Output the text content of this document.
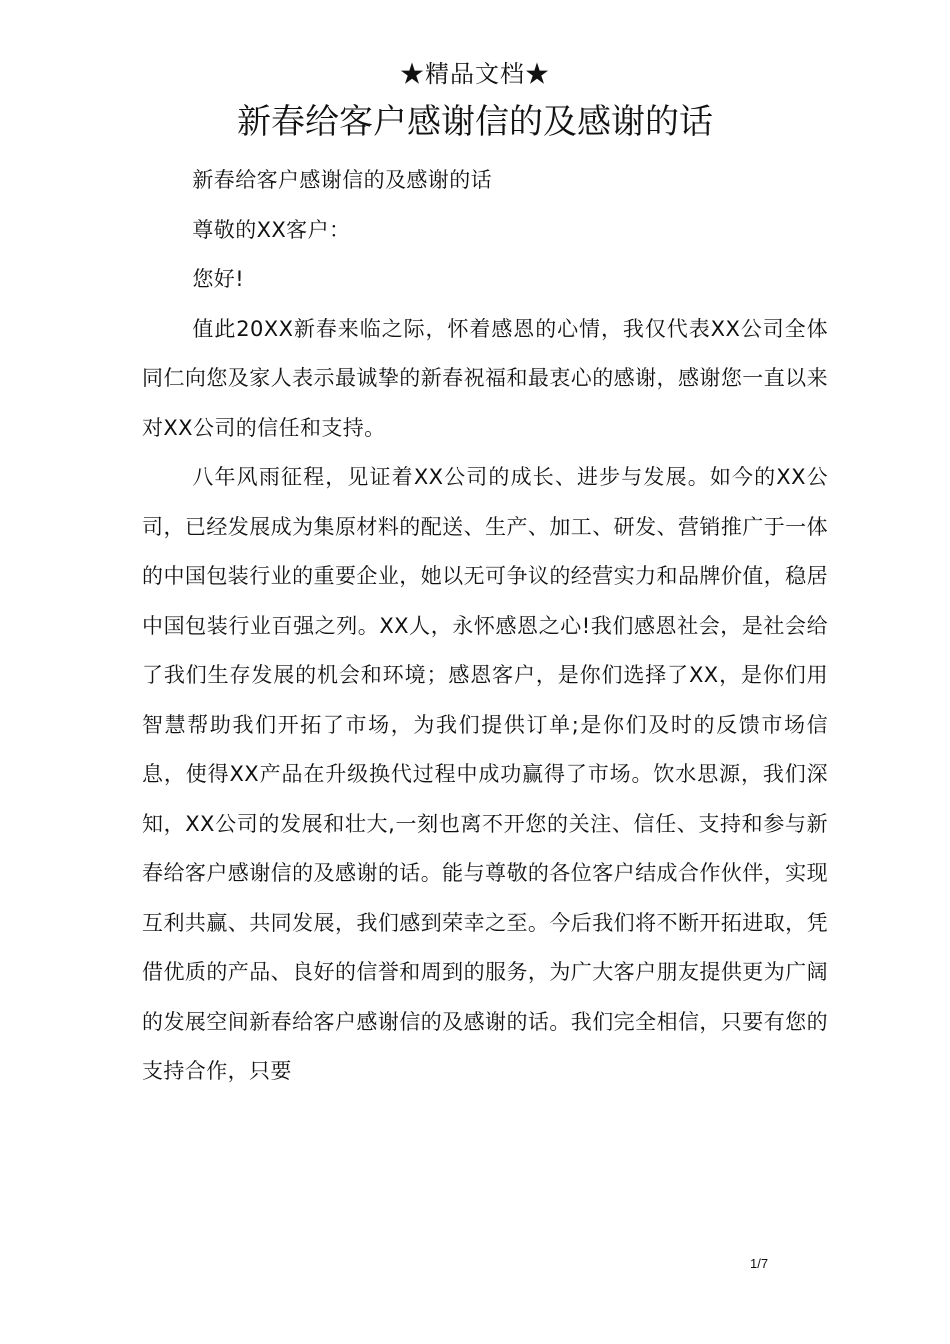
★精品文档★
新春给客户感谢信的及感谢的话

新春给客户感谢信的及感谢的话

尊敬的XX客户：

您好!

值此20XX新春来临之际，怀着感恩的心情，我仅代表XX公司全体同仁向您及家人表示最诚挚的新春祝福和最衷心的感谢，感谢您一直以来对XX公司的信任和支持。

八年风雨征程，见证着XX公司的成长、进步与发展。如今的XX公司，已经发展成为集原材料的配送、生产、加工、研发、营销推广于一体的中国包装行业的重要企业，她以无可争议的经营实力和品牌价值，稳居中国包装行业百强之列。XX人，永怀感恩之心!我们感恩社会，是社会给了我们生存发展的机会和环境；感恩客户，是你们选择了XX，是你们用智慧帮助我们开拓了市场，为我们提供订单;是你们及时的反馈市场信息，使得XX产品在升级换代过程中成功赢得了市场。饮水思源，我们深知，XX公司的发展和壮大,一刻也离不开您的关注、信任、支持和参与新春给客户感谢信的及感谢的话。能与尊敬的各位客户结成合作伙伴，实现互利共赢、共同发展，我们感到荣幸之至。今后我们将不断开拓进取，凭借优质的产品、良好的信誉和周到的服务，为广大客户朋友提供更为广阔的发展空间新春给客户感谢信的及感谢的话。我们完全相信，只要有您的支持合作，只要

1/7
